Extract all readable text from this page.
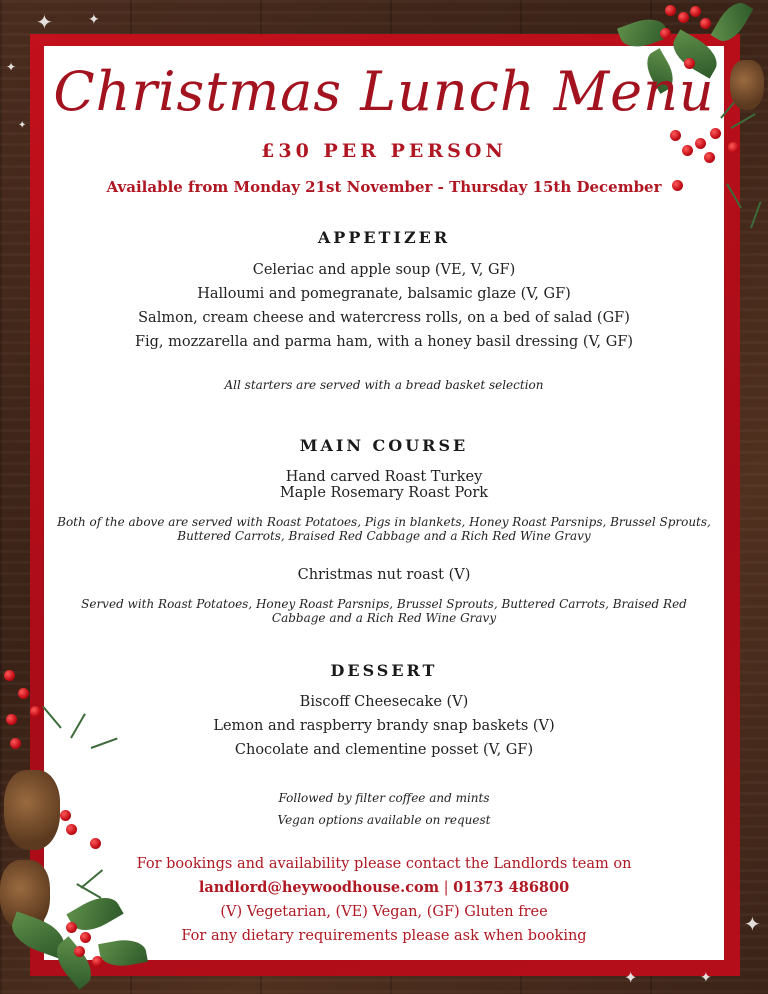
✦	✦
✦
✦
✦
✦	✦
Christmas Lunch Menu
£30 PER PERSON
Available from Monday 21st November - Thursday 15th December
APPETIZER
Celeriac and apple soup (VE, V, GF)
Halloumi and pomegranate, balsamic glaze (V, GF)
Salmon, cream cheese and watercress rolls, on a bed of salad (GF)
Fig, mozzarella and parma ham, with a honey basil dressing (V, GF)
All starters are served with a bread basket selection
MAIN COURSE
Hand carved Roast Turkey
Maple Rosemary Roast Pork
Both of the above are served with Roast Potatoes, Pigs in blankets, Honey Roast Parsnips, Brussel Sprouts,
Buttered Carrots, Braised Red Cabbage and a Rich Red Wine Gravy
Christmas nut roast (V)
Served with Roast Potatoes, Honey Roast Parsnips, Brussel Sprouts, Buttered Carrots, Braised Red
Cabbage and a Rich Red Wine Gravy
DESSERT
Biscoff Cheesecake (V)
Lemon and raspberry brandy snap baskets (V)
Chocolate and clementine posset (V, GF)
Followed by filter coffee and mints
Vegan options available on request
For bookings and availability please contact the Landlords team on
landlord@heywoodhouse.com | 01373 486800
(V) Vegetarian, (VE) Vegan, (GF) Gluten free
For any dietary requirements please ask when booking
